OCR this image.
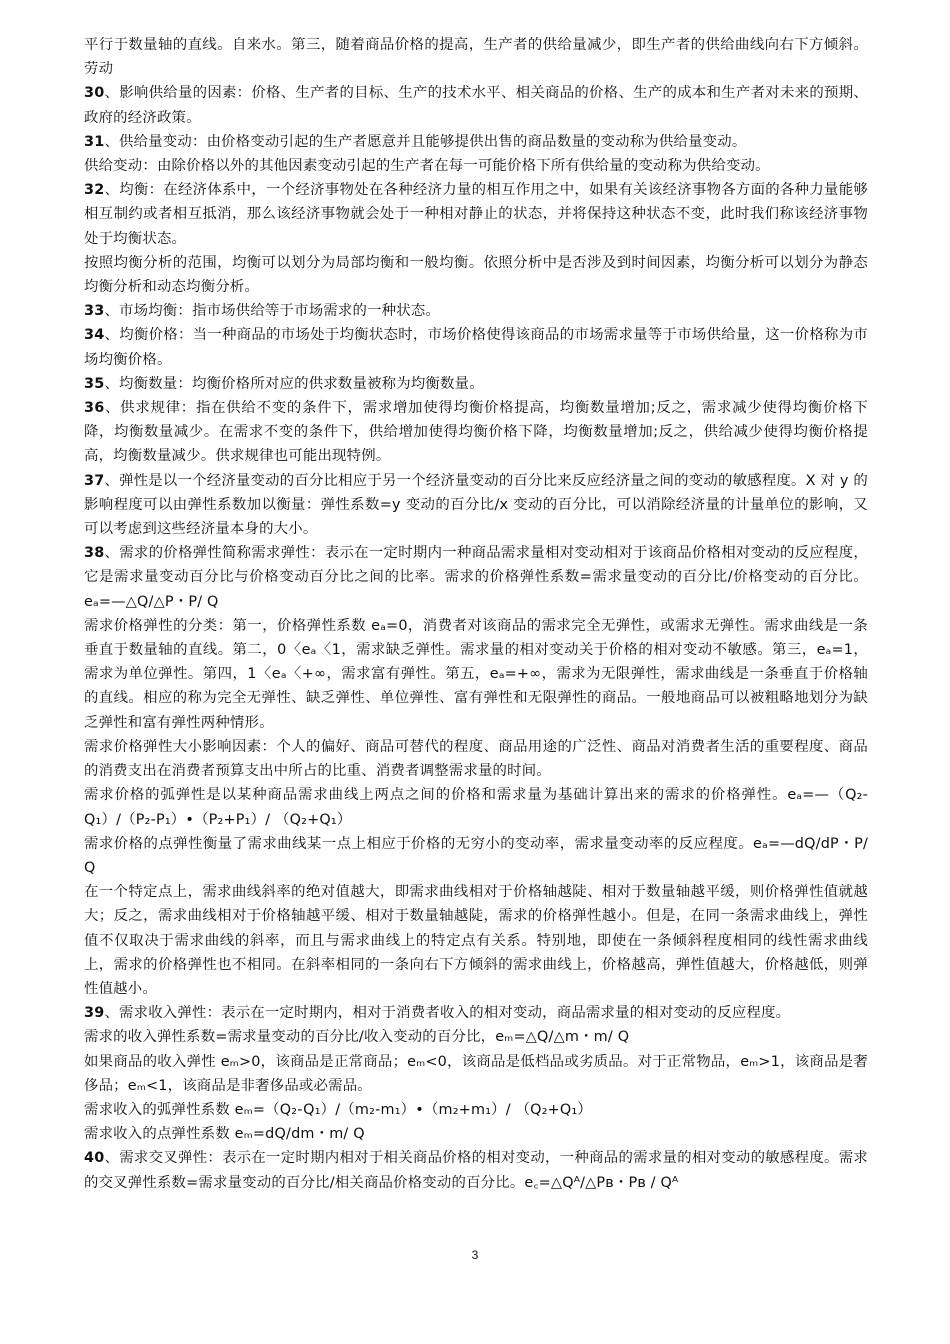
平行于数量轴的直线。自来水。第三，随着商品价格的提高，生产者的供给量减少，即生产者的供给曲线向右下方倾斜。劳动

30、影响供给量的因素：价格、生产者的目标、生产的技术水平、相关商品的价格、生产的成本和生产者对未来的预期、政府的经济政策。

31、供给量变动：由价格变动引起的生产者愿意并且能够提供出售的商品数量的变动称为供给量变动。

供给变动：由除价格以外的其他因素变动引起的生产者在每一可能价格下所有供给量的变动称为供给变动。

32、均衡：在经济体系中，一个经济事物处在各种经济力量的相互作用之中，如果有关该经济事物各方面的各种力量能够相互制约或者相互抵消，那么该经济事物就会处于一种相对静止的状态，并将保持这种状态不变，此时我们称该经济事物处于均衡状态。

按照均衡分析的范围，均衡可以划分为局部均衡和一般均衡。依照分析中是否涉及到时间因素，均衡分析可以划分为静态均衡分析和动态均衡分析。

33、市场均衡：指市场供给等于市场需求的一种状态。

34、均衡价格：当一种商品的市场处于均衡状态时，市场价格使得该商品的市场需求量等于市场供给量，这一价格称为市场均衡价格。

35、均衡数量：均衡价格所对应的供求数量被称为均衡数量。

36、供求规律：指在供给不变的条件下，需求增加使得均衡价格提高，均衡数量增加;反之，需求减少使得均衡价格下降，均衡数量减少。在需求不变的条件下，供给增加使得均衡价格下降，均衡数量增加;反之，供给减少使得均衡价格提高，均衡数量减少。供求规律也可能出现特例。

37、弹性是以一个经济量变动的百分比相应于另一个经济量变动的百分比来反应经济量之间的变动的敏感程度。X 对 y 的影响程度可以由弹性系数加以衡量：弹性系数=y 变动的百分比/x 变动的百分比，可以消除经济量的计量单位的影响，又可以考虑到这些经济量本身的大小。

38、需求的价格弹性简称需求弹性：表示在一定时期内一种商品需求量相对变动相对于该商品价格相对变动的反应程度，它是需求量变动百分比与价格变动百分比之间的比率。需求的价格弹性系数=需求量变动的百分比/价格变动的百分比。eₐ=—△Q/△P・P/ Q

需求价格弹性的分类：第一，价格弹性系数 eₐ=0，消费者对该商品的需求完全无弹性，或需求无弹性。需求曲线是一条垂直于数量轴的直线。第二，0〈eₐ〈1，需求缺乏弹性。需求量的相对变动关于价格的相对变动不敏感。第三，eₐ=1，需求为单位弹性。第四，1〈eₐ〈+∞，需求富有弹性。第五，eₐ=+∞，需求为无限弹性，需求曲线是一条垂直于价格轴的直线。相应的称为完全无弹性、缺乏弹性、单位弹性、富有弹性和无限弹性的商品。一般地商品可以被粗略地划分为缺乏弹性和富有弹性两种情形。

需求价格弹性大小影响因素：个人的偏好、商品可替代的程度、商品用途的广泛性、商品对消费者生活的重要程度、商品的消费支出在消费者预算支出中所占的比重、消费者调整需求量的时间。

需求价格的弧弹性是以某种商品需求曲线上两点之间的价格和需求量为基础计算出来的需求的价格弹性。eₐ=—（Q₂-Q₁）/（P₂-P₁）•（P₂+P₁）/ （Q₂+Q₁）

需求价格的点弹性衡量了需求曲线某一点上相应于价格的无穷小的变动率，需求量变动率的反应程度。eₐ=—dQ/dP・P/ Q

在一个特定点上，需求曲线斜率的绝对值越大，即需求曲线相对于价格轴越陡、相对于数量轴越平缓，则价格弹性值就越大；反之，需求曲线相对于价格轴越平缓、相对于数量轴越陡，需求的价格弹性越小。但是，在同一条需求曲线上，弹性值不仅取决于需求曲线的斜率，而且与需求曲线上的特定点有关系。特别地，即使在一条倾斜程度相同的线性需求曲线上，需求的价格弹性也不相同。在斜率相同的一条向右下方倾斜的需求曲线上，价格越高，弹性值越大，价格越低，则弹性值越小。

39、需求收入弹性：表示在一定时期内，相对于消费者收入的相对变动，商品需求量的相对变动的反应程度。

需求的收入弹性系数=需求量变动的百分比/收入变动的百分比，eₘ=△Q/△m・m/ Q

如果商品的收入弹性 eₘ>0，该商品是正常商品；eₘ<0，该商品是低档品或劣质品。对于正常物品，eₘ>1，该商品是奢侈品；eₘ<1，该商品是非奢侈品或必需品。

需求收入的弧弹性系数 eₘ=（Q₂-Q₁）/（m₂-m₁）•（m₂+m₁）/ （Q₂+Q₁）

需求收入的点弹性系数 eₘ=dQ/dm・m/ Q

40、需求交叉弹性：表示在一定时期内相对于相关商品价格的相对变动，一种商品的需求量的相对变动的敏感程度。需求的交叉弹性系数=需求量变动的百分比/相关商品价格变动的百分比。e꜀=△Qᴬ/△Pʙ・Pʙ / Qᴬ

3
